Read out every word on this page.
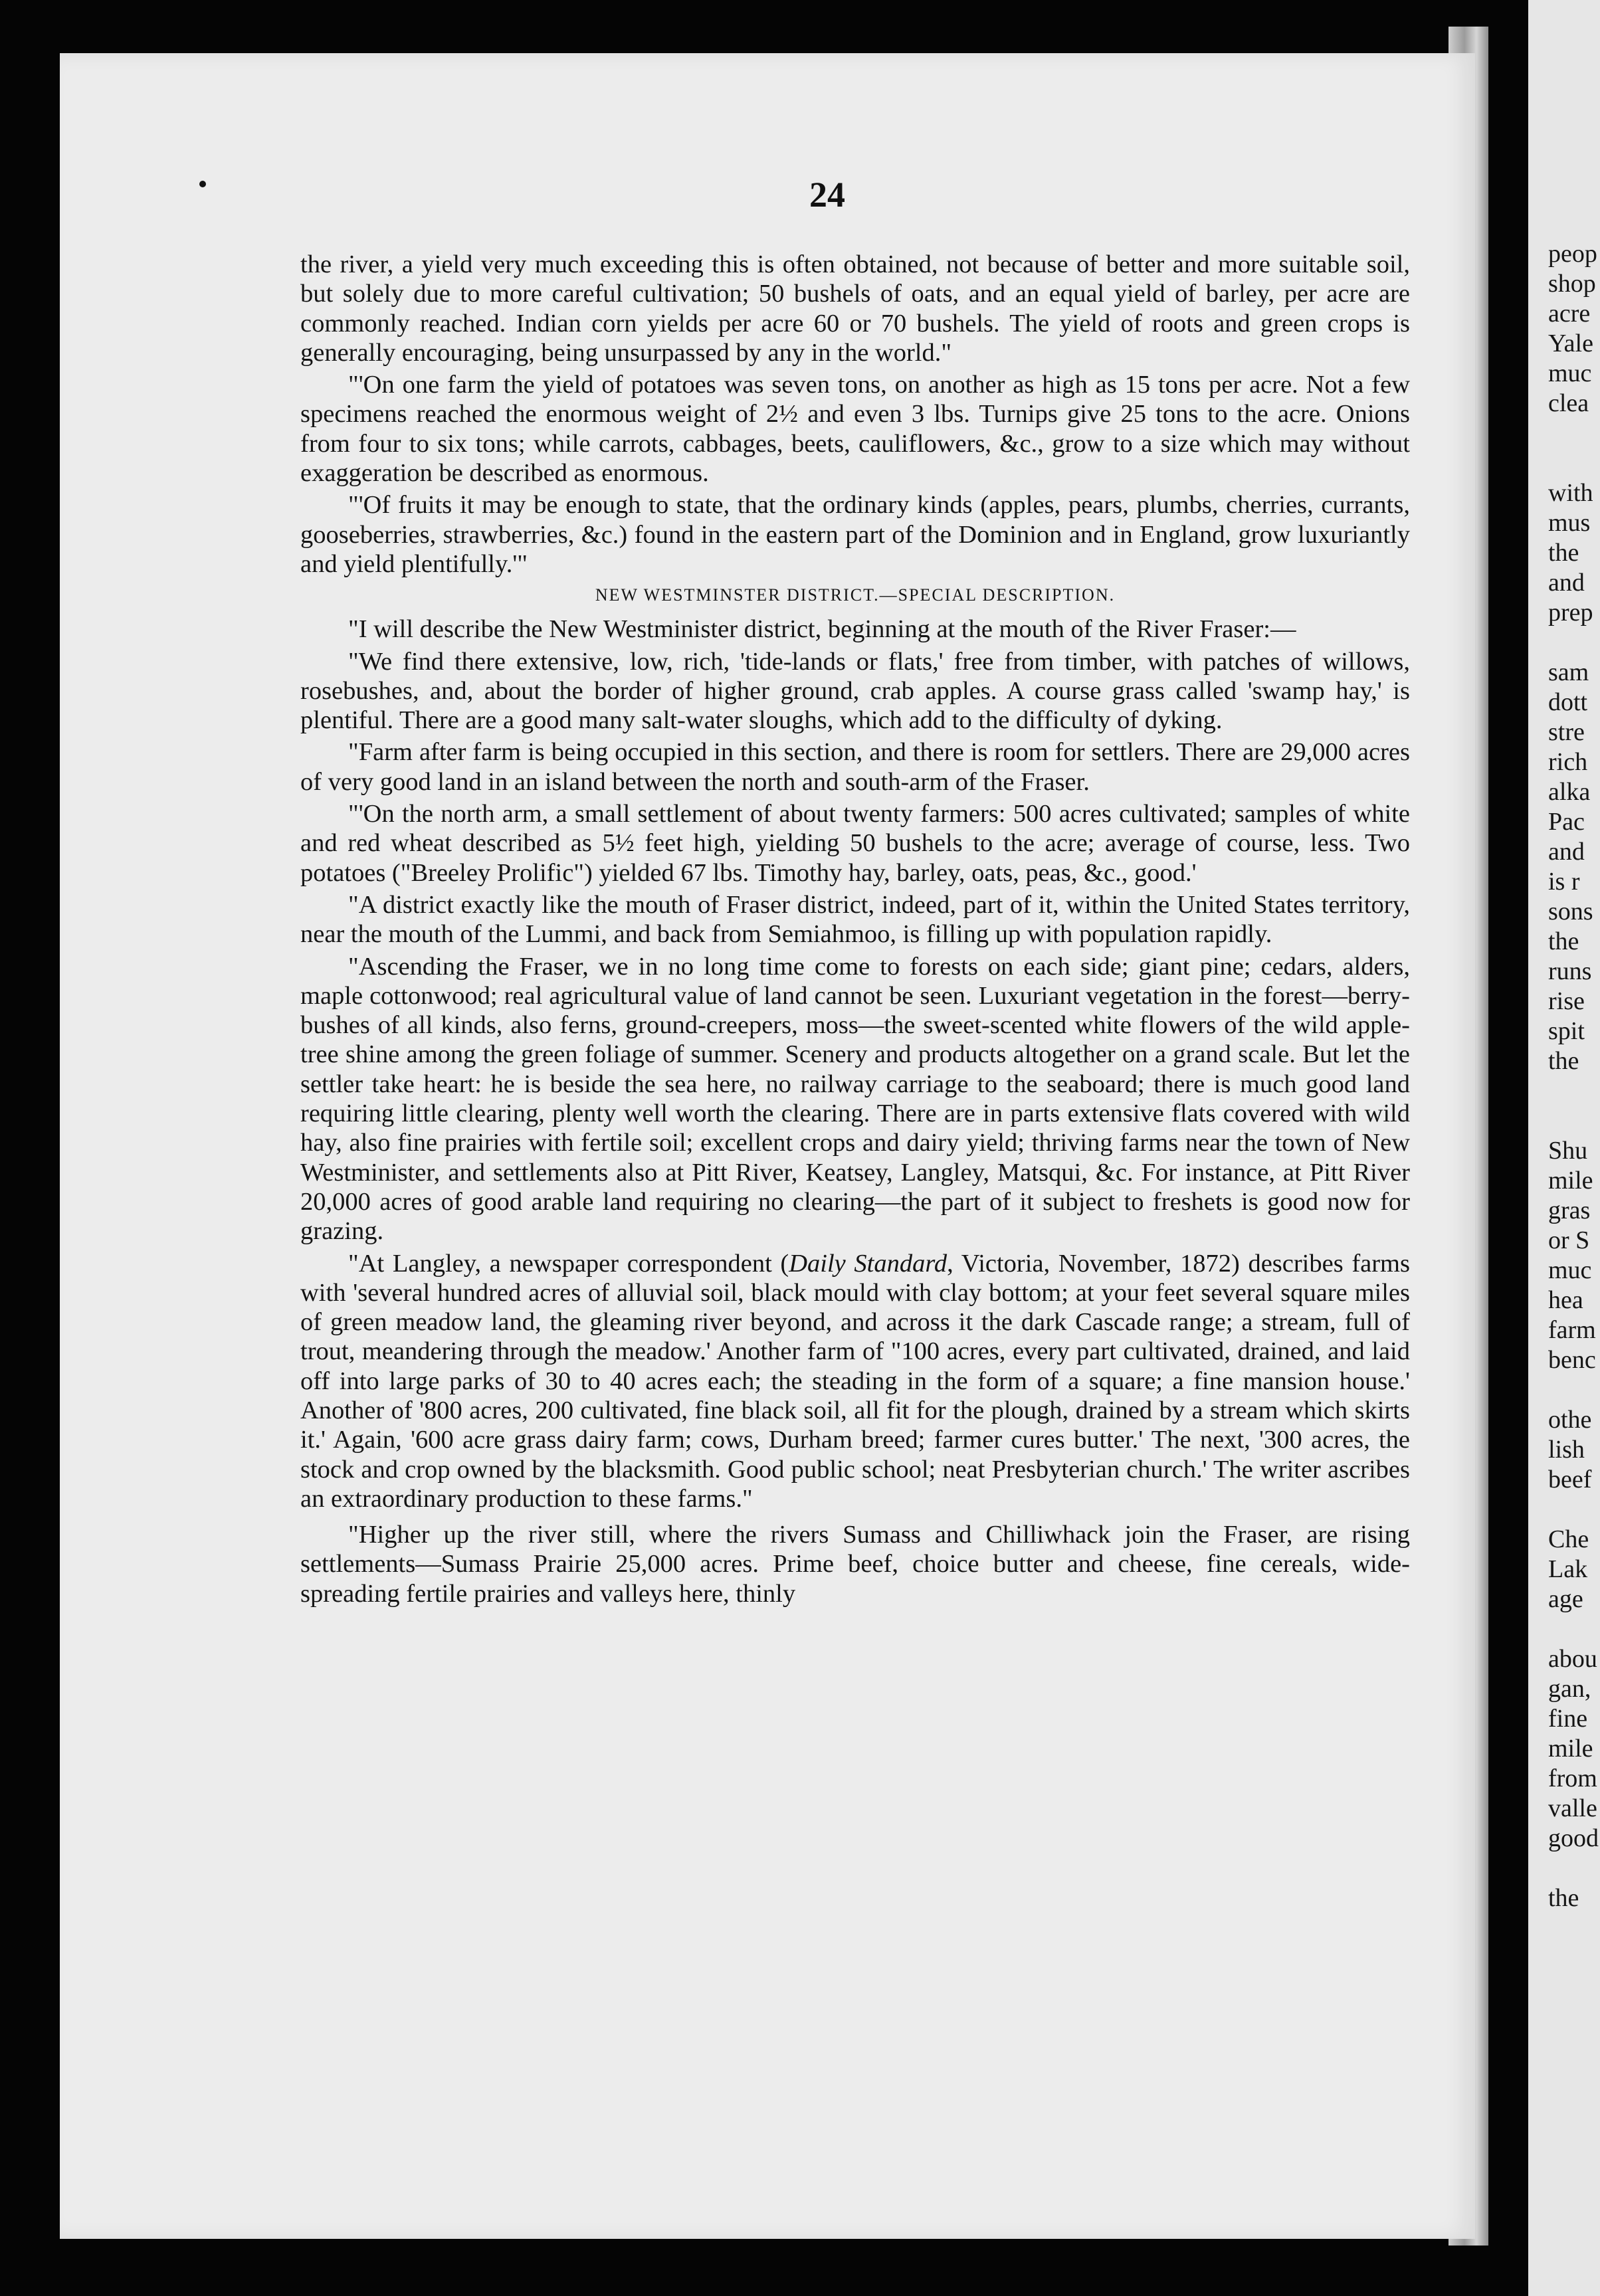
24

the river, a yield very much exceeding this is often obtained, not because of better and more suitable soil, but solely due to more careful cultivation; 50 bushels of oats, and an equal yield of barley, per acre are commonly reached. Indian corn yields per acre 60 or 70 bushels. The yield of roots and green crops is generally encouraging, being unsurpassed by any in the world."

"'On one farm the yield of potatoes was seven tons, on another as high as 15 tons per acre. Not a few specimens reached the enormous weight of 2½ and even 3 lbs. Turnips give 25 tons to the acre. Onions from four to six tons; while carrots, cabbages, beets, cauliflowers, &c., grow to a size which may without exaggeration be described as enormous.

"'Of fruits it may be enough to state, that the ordinary kinds (apples, pears, plumbs, cherries, currants, gooseberries, strawberries, &c.) found in the eastern part of the Dominion and in England, grow luxuriantly and yield plentifully.'"

NEW WESTMINSTER DISTRICT.—SPECIAL DESCRIPTION.

"I will describe the New Westminister district, beginning at the mouth of the River Fraser:—

"We find there extensive, low, rich, 'tide-lands or flats,' free from timber, with patches of willows, rosebushes, and, about the border of higher ground, crab apples. A course grass called 'swamp hay,' is plentiful. There are a good many salt-water sloughs, which add to the difficulty of dyking.

"Farm after farm is being occupied in this section, and there is room for settlers. There are 29,000 acres of very good land in an island between the north and south-arm of the Fraser.

"'On the north arm, a small settlement of about twenty farmers: 500 acres cultivated; samples of white and red wheat described as 5½ feet high, yielding 50 bushels to the acre; average of course, less. Two potatoes ("Breeley Prolific") yielded 67 lbs. Timothy hay, barley, oats, peas, &c., good.'

"A district exactly like the mouth of Fraser district, indeed, part of it, within the United States territory, near the mouth of the Lummi, and back from Semiahmoo, is filling up with population rapidly.

"Ascending the Fraser, we in no long time come to forests on each side; giant pine; cedars, alders, maple cottonwood; real agricultural value of land cannot be seen. Luxuriant vegetation in the forest—berry-bushes of all kinds, also ferns, ground-creepers, moss—the sweet-scented white flowers of the wild apple-tree shine among the green foliage of summer. Scenery and products altogether on a grand scale. But let the settler take heart: he is beside the sea here, no railway carriage to the seaboard; there is much good land requiring little clearing, plenty well worth the clearing. There are in parts extensive flats covered with wild hay, also fine prairies with fertile soil; excellent crops and dairy yield; thriving farms near the town of New Westminister, and settlements also at Pitt River, Keatsey, Langley, Matsqui, &c. For instance, at Pitt River 20,000 acres of good arable land requiring no clearing—the part of it subject to freshets is good now for grazing.

"At Langley, a newspaper correspondent (Daily Standard, Victoria, November, 1872) describes farms with 'several hundred acres of alluvial soil, black mould with clay bottom; at your feet several square miles of green meadow land, the gleaming river beyond, and across it the dark Cascade range; a stream, full of trout, meandering through the meadow.' Another farm of "100 acres, every part cultivated, drained, and laid off into large parks of 30 to 40 acres each; the steading in the form of a square; a fine mansion house.' Another of '800 acres, 200 cultivated, fine black soil, all fit for the plough, drained by a stream which skirts it.' Again, '600 acre grass dairy farm; cows, Durham breed; farmer cures butter.' The next, '300 acres, the stock and crop owned by the blacksmith. Good public school; neat Presbyterian church.' The writer ascribes an extraordinary production to these farms."

"Higher up the river still, where the rivers Sumass and Chilliwhack join the Fraser, are rising settlements—Sumass Prairie 25,000 acres. Prime beef, choice butter and cheese, fine cereals, wide-spreading fertile prairies and valleys here, thinly

peop
shop
acre
Yale
muc
clea
with
mus
the
and
prep
sam
dott
stre
rich
alka
Pac
and
is r
sons
the
runs
rise
spit
the
Shu
mile
gras
or S
muc
hea
farm
benc
othe
lish
beef
Che
Lak
age
abou
gan,
fine
mile
from
valle
good
the
